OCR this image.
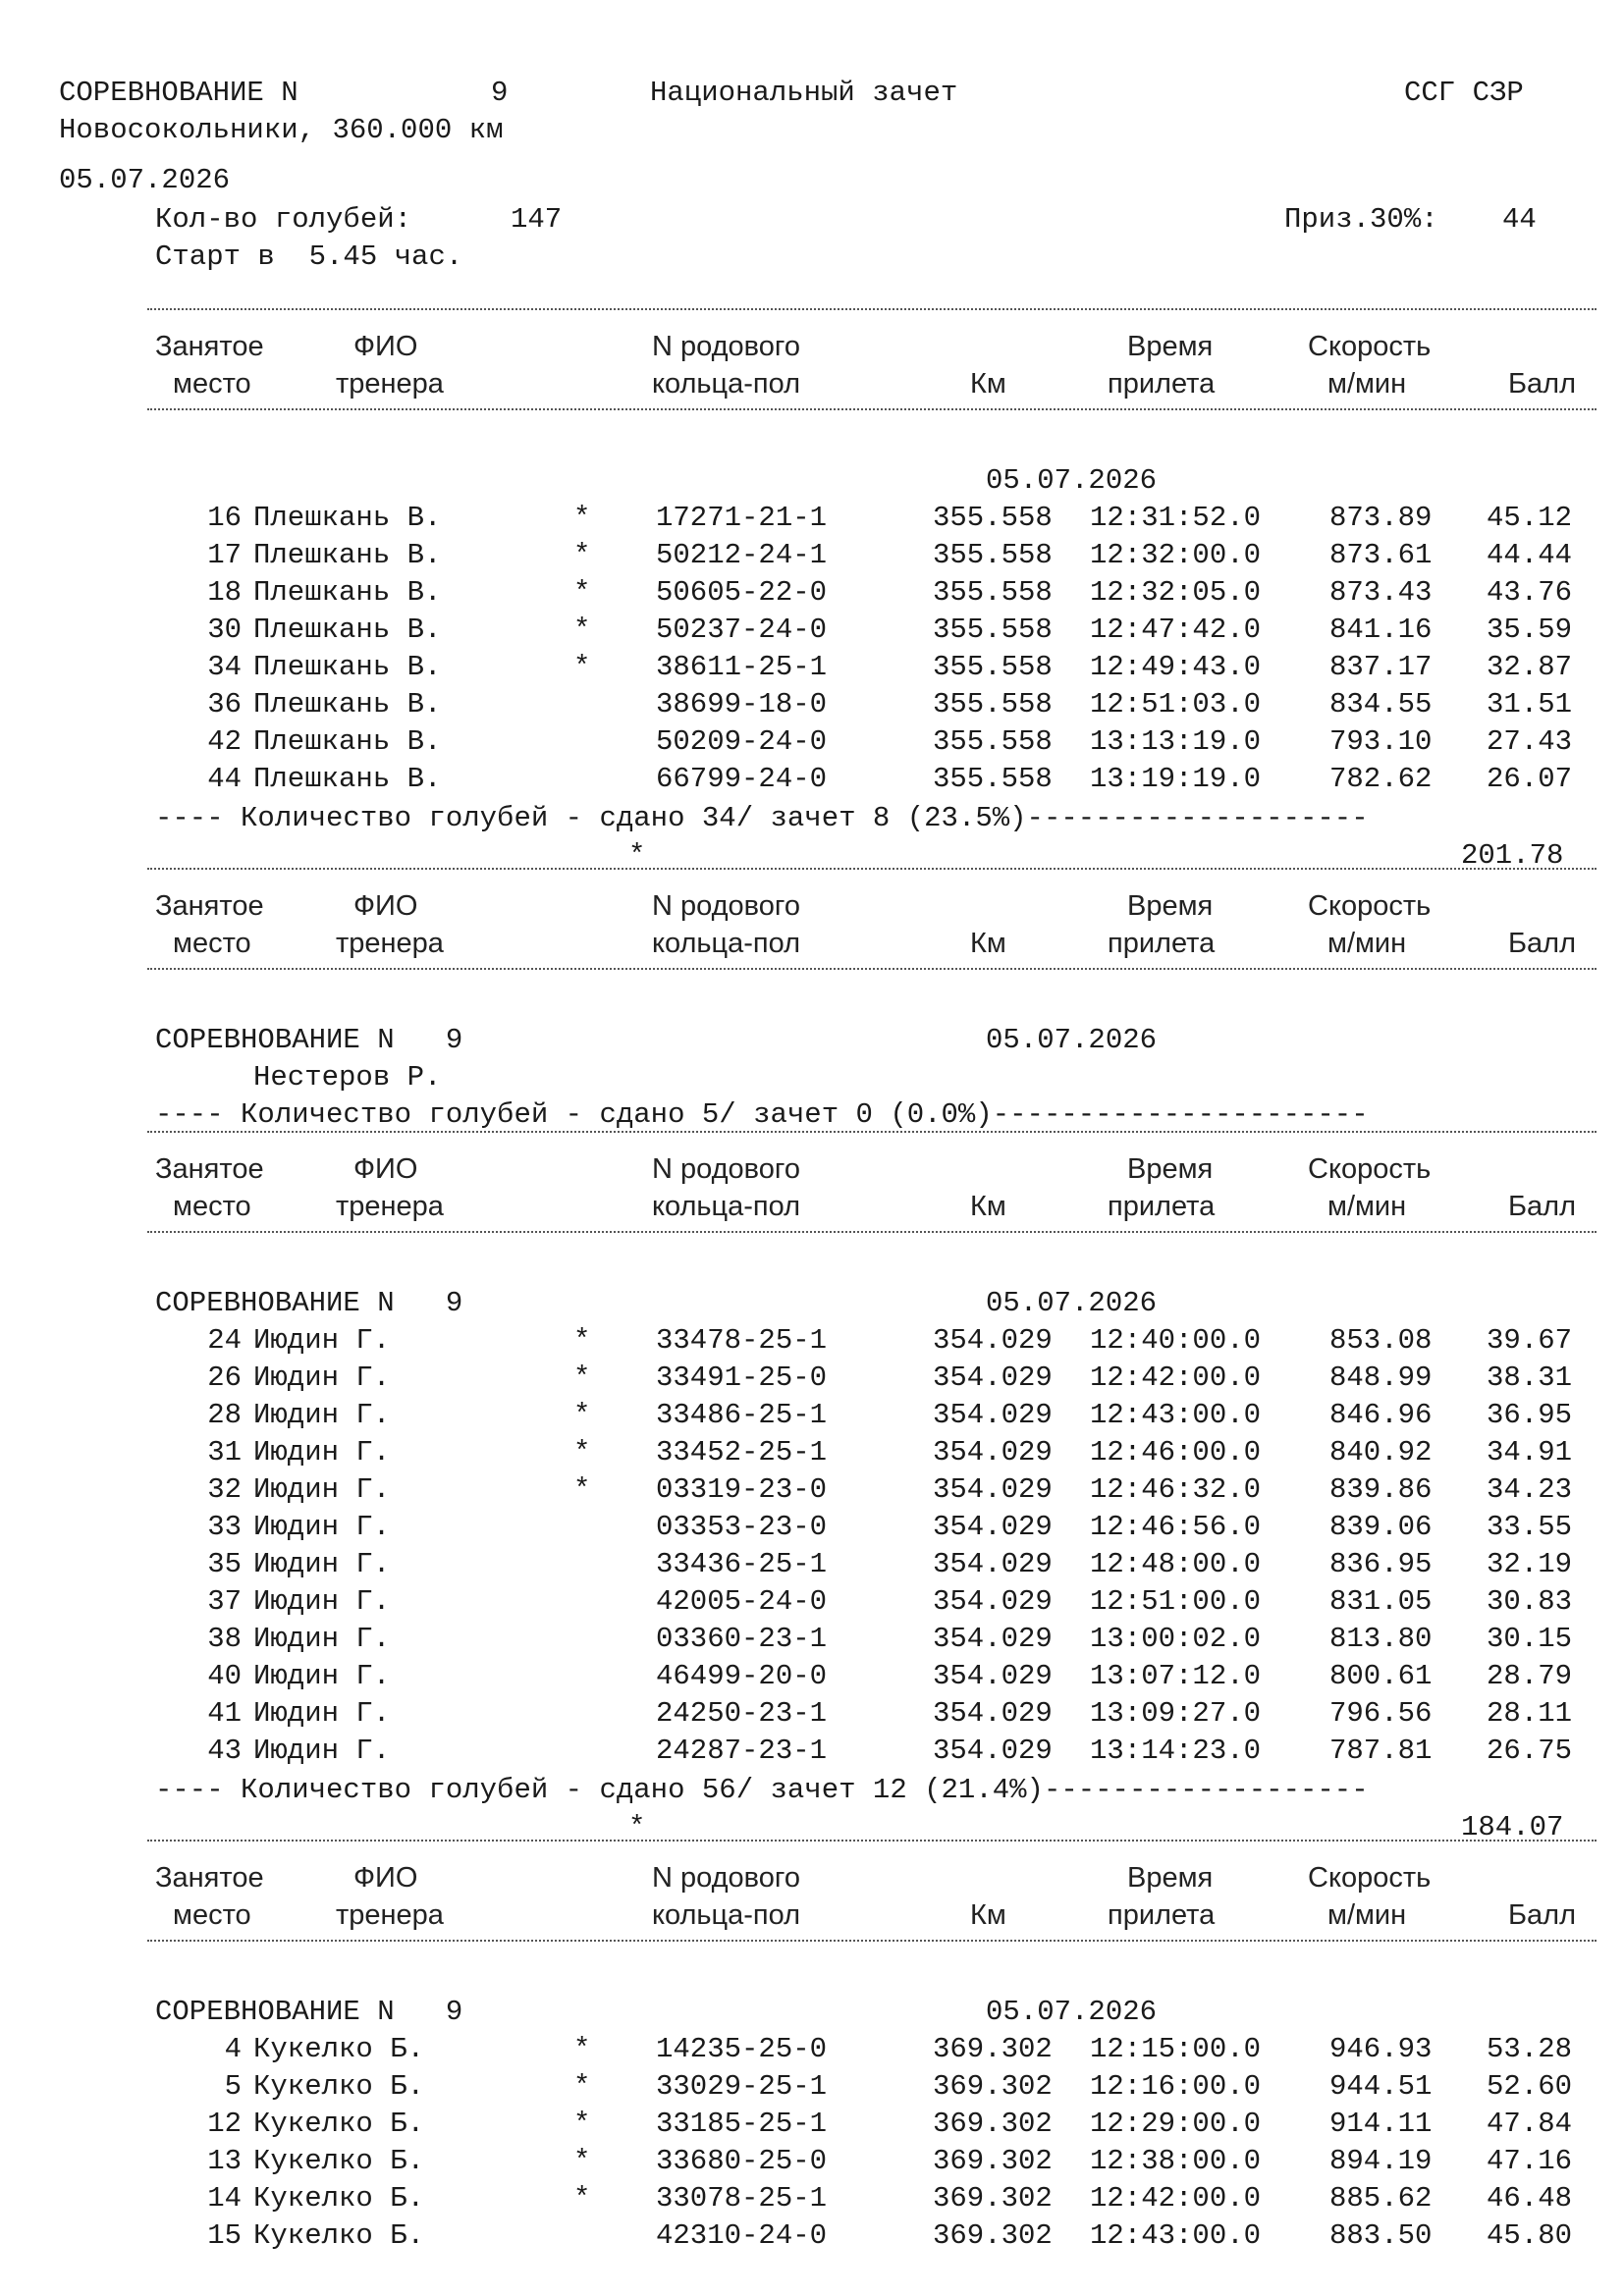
СОРЕВНОВАНИЕ N	9	Национальный зачет	ССГ СЗР
Новосокольники, 360.000 км
05.07.2026
Кол-во голубей:	147	Приз.30%: 44
Старт в  5.45 час.
Занятое
место
ФИО
тренера
N родового
кольца-пол	Км
Время
прилета
Скорость
м/мин	Балл
05.07.2026
16 Плешкань В.	* 17271-21-1	355.558 12:31:52.0 873.89 45.12
17 Плешкань В.	* 50212-24-1	355.558 12:32:00.0 873.61 44.44
18 Плешкань В.	* 50605-22-0	355.558 12:32:05.0 873.43 43.76
30 Плешкань В.	* 50237-24-0	355.558 12:47:42.0 841.16 35.59
34 Плешкань В.	* 38611-25-1	355.558 12:49:43.0 837.17 32.87
36 Плешкань В.	38699-18-0	355.558 12:51:03.0 834.55 31.51
42 Плешкань В.	50209-24-0	355.558 13:13:19.0 793.10 27.43
44 Плешкань В.	66799-24-0	355.558 13:19:19.0 782.62 26.07
---- Количество голубей - сдано 34/ зачет 8 (23.5%)--------------------
*	201.78
Занятое
место
ФИО
тренера
N родового
кольца-пол	Км
Время
прилета
Скорость
м/мин	Балл
СОРЕВНОВАНИЕ N   9	05.07.2026
Нестеров Р.
---- Количество голубей - сдано 5/ зачет 0 (0.0%)----------------------
Занятое
место
ФИО
тренера
N родового
кольца-пол	Км
Время
прилета
Скорость
м/мин	Балл
СОРЕВНОВАНИЕ N   9	05.07.2026
24 Июдин Г.	* 33478-25-1	354.029 12:40:00.0 853.08 39.67
26 Июдин Г.	* 33491-25-0	354.029 12:42:00.0 848.99 38.31
28 Июдин Г.	* 33486-25-1	354.029 12:43:00.0 846.96 36.95
31 Июдин Г.	* 33452-25-1	354.029 12:46:00.0 840.92 34.91
32 Июдин Г.	* 03319-23-0	354.029 12:46:32.0 839.86 34.23
33 Июдин Г.	03353-23-0	354.029 12:46:56.0 839.06 33.55
35 Июдин Г.	33436-25-1	354.029 12:48:00.0 836.95 32.19
37 Июдин Г.	42005-24-0	354.029 12:51:00.0 831.05 30.83
38 Июдин Г.	03360-23-1	354.029 13:00:02.0 813.80 30.15
40 Июдин Г.	46499-20-0	354.029 13:07:12.0 800.61 28.79
41 Июдин Г.	24250-23-1	354.029 13:09:27.0 796.56 28.11
43 Июдин Г.	24287-23-1	354.029 13:14:23.0 787.81 26.75
---- Количество голубей - сдано 56/ зачет 12 (21.4%)-------------------
*	184.07
Занятое
место
ФИО
тренера
N родового
кольца-пол	Км
Время
прилета
Скорость
м/мин	Балл
СОРЕВНОВАНИЕ N   9	05.07.2026
4 Кукелко Б.	* 14235-25-0	369.302 12:15:00.0 946.93 53.28
5 Кукелко Б.	* 33029-25-1	369.302 12:16:00.0 944.51 52.60
12 Кукелко Б.	* 33185-25-1	369.302 12:29:00.0 914.11 47.84
13 Кукелко Б.	* 33680-25-0	369.302 12:38:00.0 894.19 47.16
14 Кукелко Б.	* 33078-25-1	369.302 12:42:00.0 885.62 46.48
15 Кукелко Б.	42310-24-0	369.302 12:43:00.0 883.50 45.80
